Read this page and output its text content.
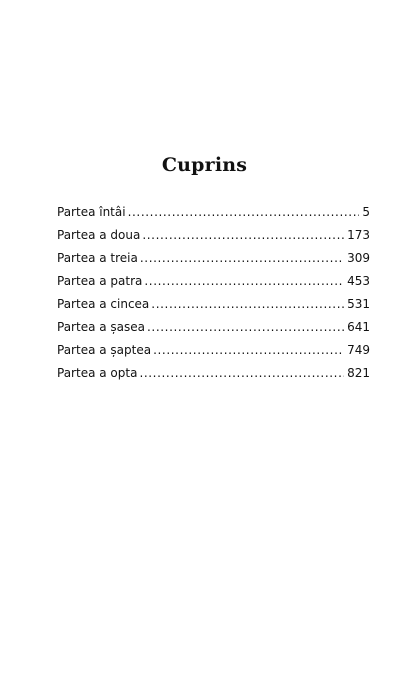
Cuprins
Partea întâi .....	5
Partea a doua .....	173
Partea a treia .....	309
Partea a patra .....	453
Partea a cincea .....	531
Partea a șasea .....	641
Partea a șaptea .....	749
Partea a opta .....	821
